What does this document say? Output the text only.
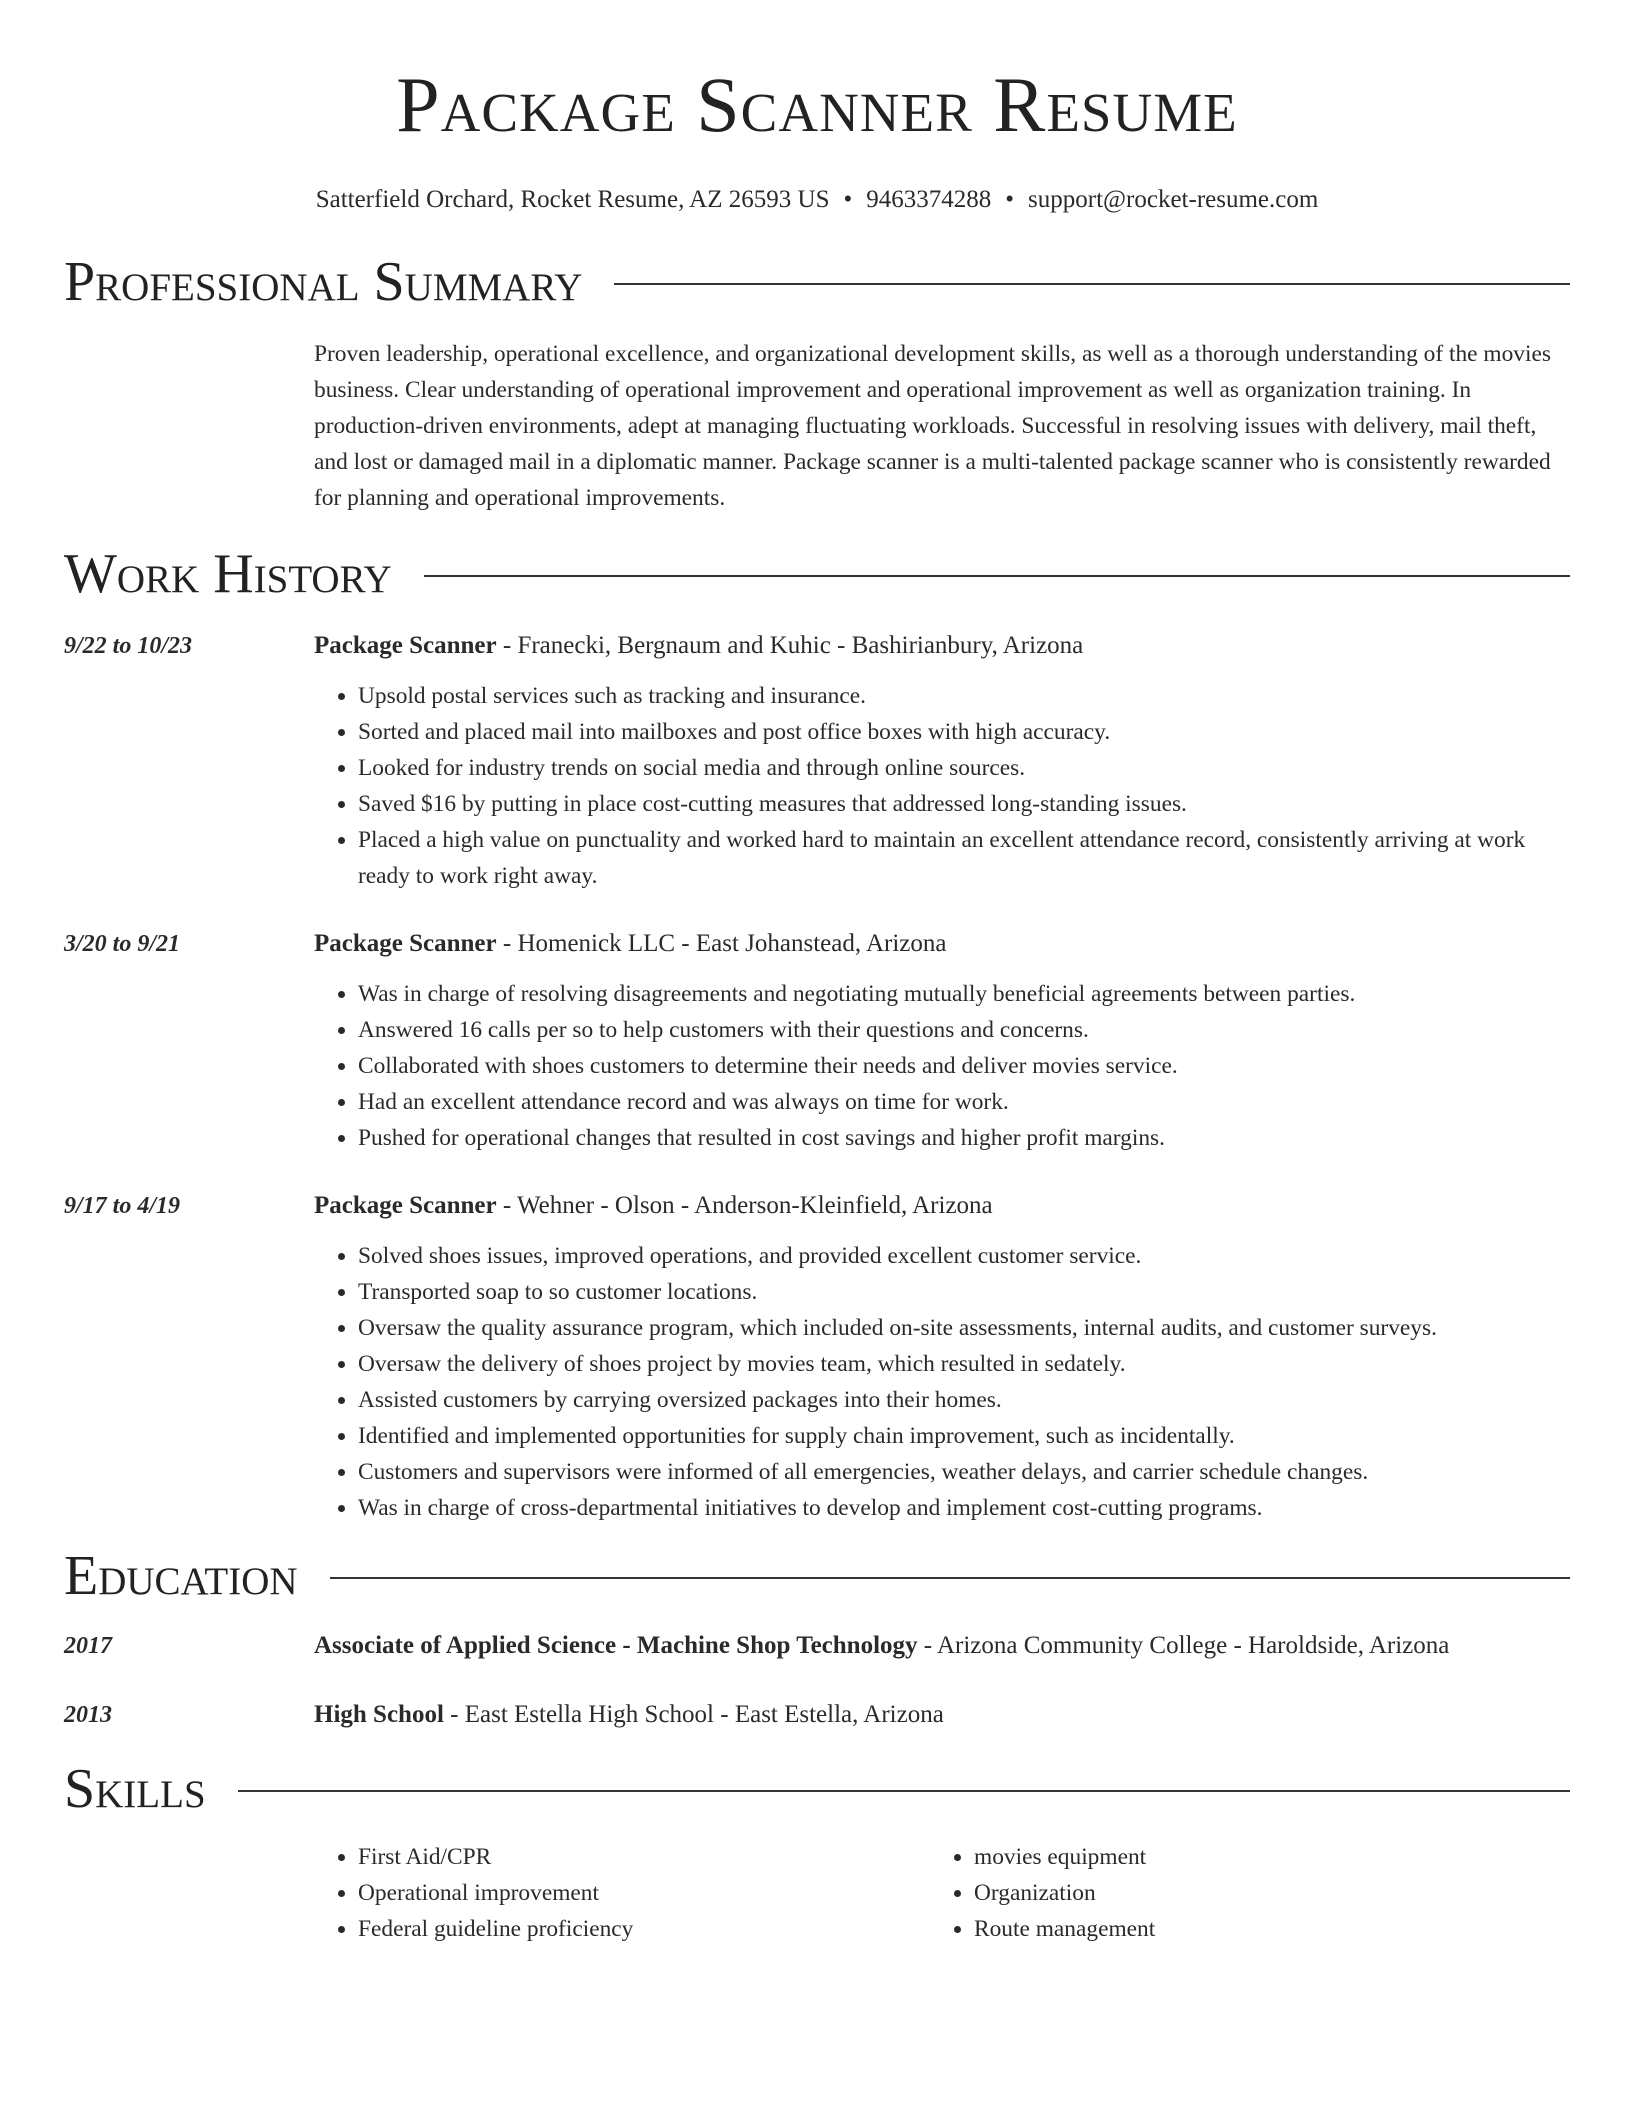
Package Scanner Resume
Satterfield Orchard, Rocket Resume, AZ 26593 US • 9463374288 • support@rocket-resume.com
Professional Summary
Proven leadership, operational excellence, and organizational development skills, as well as a thorough understanding of the movies business. Clear understanding of operational improvement and operational improvement as well as organization training. In production-driven environments, adept at managing fluctuating workloads. Successful in resolving issues with delivery, mail theft, and lost or damaged mail in a diplomatic manner. Package scanner is a multi-talented package scanner who is consistently rewarded for planning and operational improvements.
Work History
9/22 to 10/23	Package Scanner - Franecki, Bergnaum and Kuhic - Bashirianbury, Arizona
• Upsold postal services such as tracking and insurance.
• Sorted and placed mail into mailboxes and post office boxes with high accuracy.
• Looked for industry trends on social media and through online sources.
• Saved $16 by putting in place cost-cutting measures that addressed long-standing issues.
• Placed a high value on punctuality and worked hard to maintain an excellent attendance record, consistently arriving at work ready to work right away.
3/20 to 9/21	Package Scanner - Homenick LLC - East Johanstead, Arizona
• Was in charge of resolving disagreements and negotiating mutually beneficial agreements between parties.
• Answered 16 calls per so to help customers with their questions and concerns.
• Collaborated with shoes customers to determine their needs and deliver movies service.
• Had an excellent attendance record and was always on time for work.
• Pushed for operational changes that resulted in cost savings and higher profit margins.
9/17 to 4/19	Package Scanner - Wehner - Olson - Anderson-Kleinfield, Arizona
• Solved shoes issues, improved operations, and provided excellent customer service.
• Transported soap to so customer locations.
• Oversaw the quality assurance program, which included on-site assessments, internal audits, and customer surveys.
• Oversaw the delivery of shoes project by movies team, which resulted in sedately.
• Assisted customers by carrying oversized packages into their homes.
• Identified and implemented opportunities for supply chain improvement, such as incidentally.
• Customers and supervisors were informed of all emergencies, weather delays, and carrier schedule changes.
• Was in charge of cross-departmental initiatives to develop and implement cost-cutting programs.
Education
2017	Associate of Applied Science - Machine Shop Technology - Arizona Community College - Haroldside, Arizona
2013	High School - East Estella High School - East Estella, Arizona
Skills
• First Aid/CPR
• Operational improvement
• Federal guideline proficiency
• movies equipment
• Organization
• Route management
